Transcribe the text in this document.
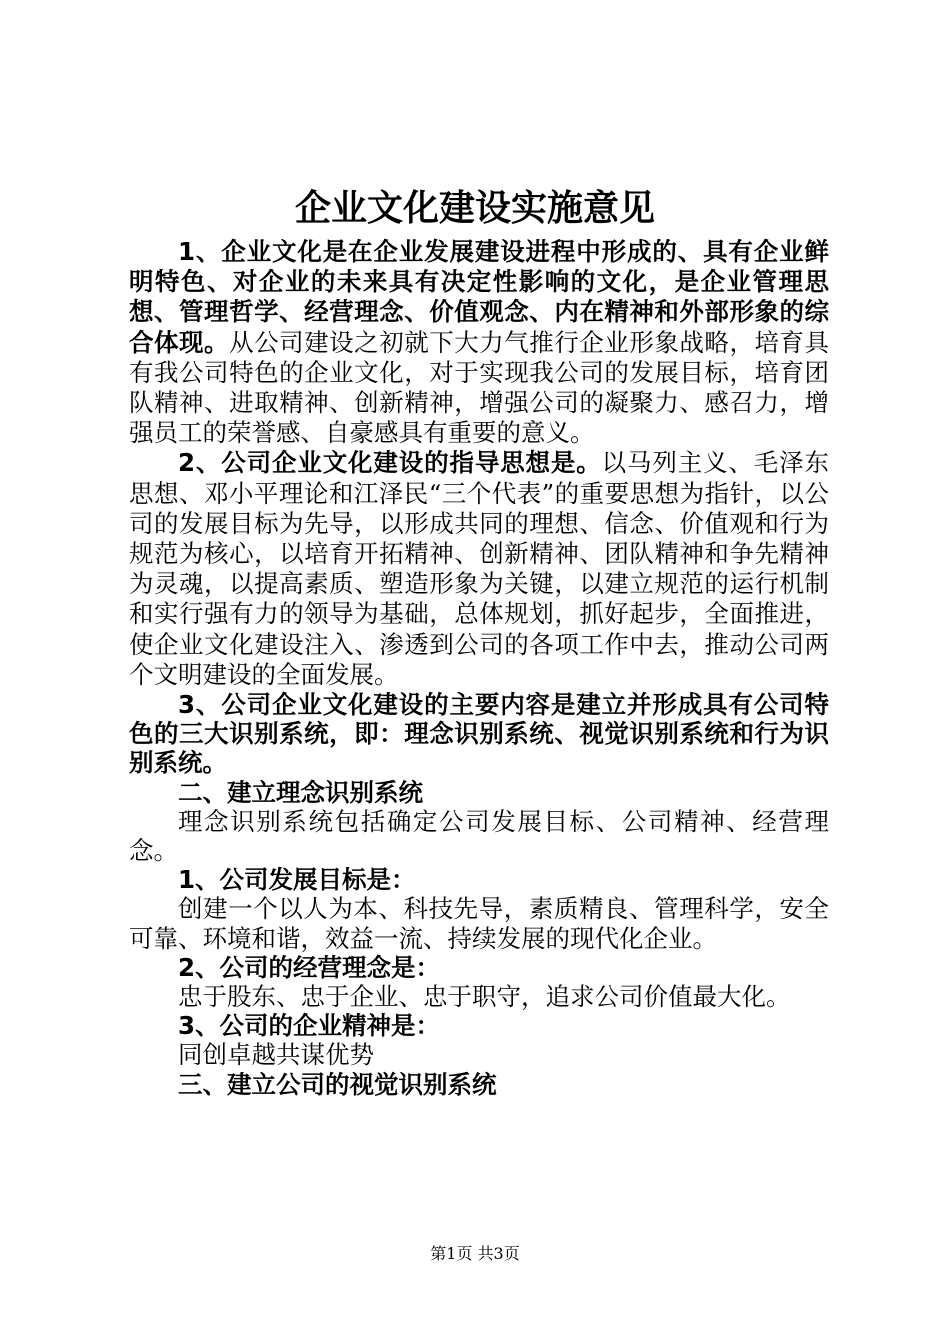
企业文化建设实施意见

1、企业文化是在企业发展建设进程中形成的、具有企业鲜明特色、对企业的未来具有决定性影响的文化，是企业管理思想、管理哲学、经营理念、价值观念、内在精神和外部形象的综合体现。从公司建设之初就下大力气推行企业形象战略，培育具有我公司特色的企业文化，对于实现我公司的发展目标，培育团队精神、进取精神、创新精神，增强公司的凝聚力、感召力，增强员工的荣誉感、自豪感具有重要的意义。

2、公司企业文化建设的指导思想是。以马列主义、毛泽东思想、邓小平理论和江泽民“三个代表”的重要思想为指针，以公司的发展目标为先导，以形成共同的理想、信念、价值观和行为规范为核心，以培育开拓精神、创新精神、团队精神和争先精神为灵魂，以提高素质、塑造形象为关键，以建立规范的运行机制和实行强有力的领导为基础，总体规划，抓好起步，全面推进，使企业文化建设注入、渗透到公司的各项工作中去，推动公司两个文明建设的全面发展。

3、公司企业文化建设的主要内容是建立并形成具有公司特色的三大识别系统，即：理念识别系统、视觉识别系统和行为识别系统。

二、建立理念识别系统

理念识别系统包括确定公司发展目标、公司精神、经营理念。

1、公司发展目标是：

创建一个以人为本、科技先导，素质精良、管理科学，安全可靠、环境和谐，效益一流、持续发展的现代化企业。

2、公司的经营理念是：

忠于股东、忠于企业、忠于职守，追求公司价值最大化。

3、公司的企业精神是：

同创卓越共谋优势

三、建立公司的视觉识别系统

第1页 共3页
